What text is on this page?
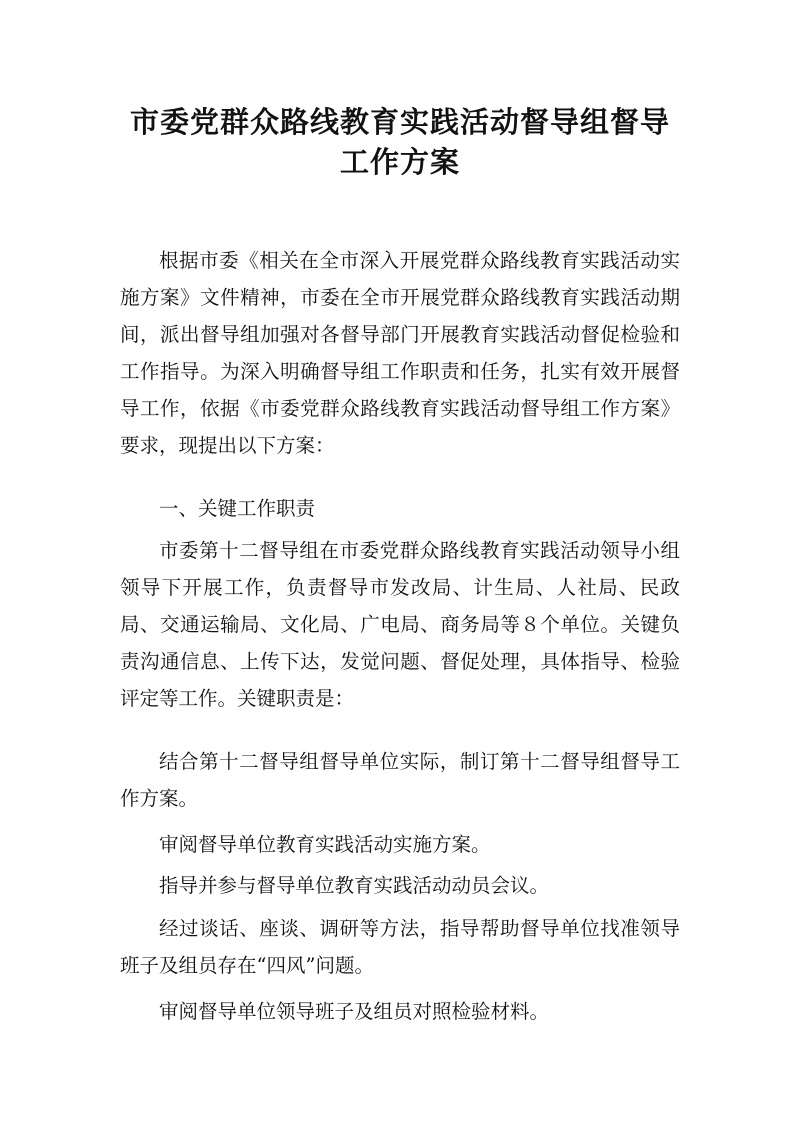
市委党群众路线教育实践活动督导组督导
工作方案
根据市委《相关在全市深入开展党群众路线教育实践活动实施方案》文件精神，市委在全市开展党群众路线教育实践活动期间，派出督导组加强对各督导部门开展教育实践活动督促检验和工作指导。为深入明确督导组工作职责和任务，扎实有效开展督导工作，依据《市委党群众路线教育实践活动督导组工作方案》要求，现提出以下方案：
一、关键工作职责
市委第十二督导组在市委党群众路线教育实践活动领导小组领导下开展工作，负责督导市发改局、计生局、人社局、民政局、交通运输局、文化局、广电局、商务局等８个单位。关键负责沟通信息、上传下达，发觉问题、督促处理，具体指导、检验评定等工作。关键职责是：
结合第十二督导组督导单位实际，制订第十二督导组督导工作方案。
审阅督导单位教育实践活动实施方案。
指导并参与督导单位教育实践活动动员会议。
经过谈话、座谈、调研等方法，指导帮助督导单位找准领导班子及组员存在“四风”问题。
审阅督导单位领导班子及组员对照检验材料。
